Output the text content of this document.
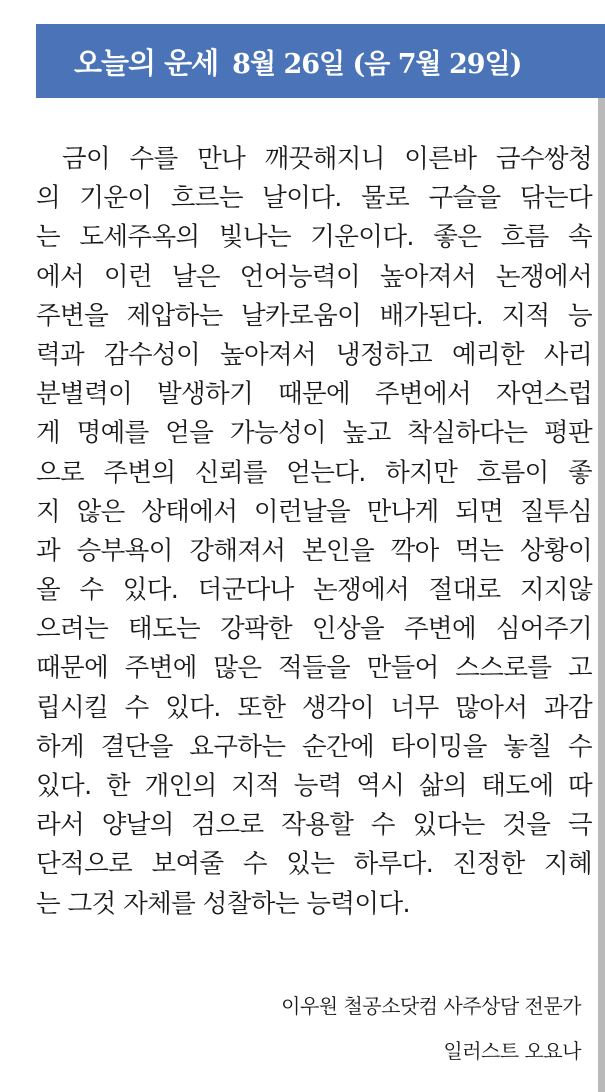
오늘의 운세 8월 26일 (음 7월 29일)
금이 수를 만나 깨끗해지니 이른바 금수쌍청
의 기운이 흐르는 날이다. 물로 구슬을 닦는다
는 도세주옥의 빛나는 기운이다. 좋은 흐름 속
에서 이런 날은 언어능력이 높아져서 논쟁에서
주변을 제압하는 날카로움이 배가된다. 지적 능
력과 감수성이 높아져서 냉정하고 예리한 사리
분별력이 발생하기 때문에 주변에서 자연스럽
게 명예를 얻을 가능성이 높고 착실하다는 평판
으로 주변의 신뢰를 얻는다. 하지만 흐름이 좋
지 않은 상태에서 이런날을 만나게 되면 질투심
과 승부욕이 강해져서 본인을 깍아 먹는 상황이
올 수 있다. 더군다나 논쟁에서 절대로 지지않
으려는 태도는 강팍한 인상을 주변에 심어주기
때문에 주변에 많은 적들을 만들어 스스로를 고
립시킬 수 있다. 또한 생각이 너무 많아서 과감
하게 결단을 요구하는 순간에 타이밍을 놓칠 수
있다. 한 개인의 지적 능력 역시 삶의 태도에 따
라서 양날의 검으로 작용할 수 있다는 것을 극
단적으로 보여줄 수 있는 하루다. 진정한 지혜
는 그것 자체를 성찰하는 능력이다.
이우원 철공소닷컴 사주상담 전문가
일러스트 오요나
